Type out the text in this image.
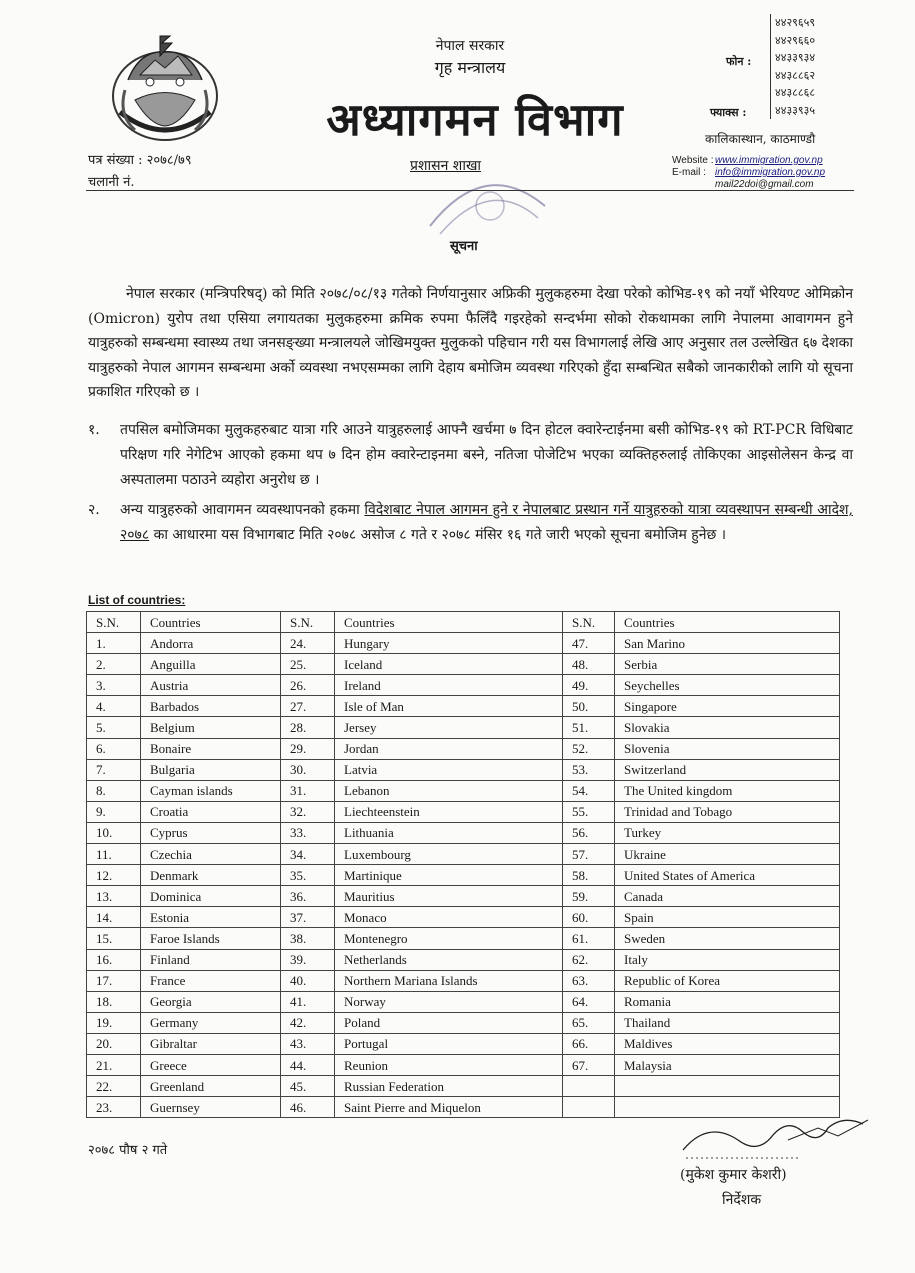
नेपाल सरकार
गृह मन्त्रालय
अध्यागमन विभाग
प्रशासन शाखा
सूचना
पत्र संख्या : २०७८/७९
चलानी नं.
फोन :
४४२९६५९
४४२९६६०
४४३३९३४
४४३८८६२
४४३८८६८
४४३३९३५
फ्याक्स :
कालिकास्थान, काठमाण्डौ
Website : www.immigration.gov.np
E-mail : info@immigration.gov.np
mail22doi@gmail.com
नेपाल सरकार (मन्त्रिपरिषद्) को मिति २०७८/०८/१३ गतेको निर्णयानुसार अफ्रिकी मुलुकहरुमा देखा परेको कोभिड-१९ को नयाँ भेरियण्ट ओमिक्रोन (Omicron) युरोप तथा एसिया लगायतका मुलुकहरुमा क्रमिक रुपमा फैलिँदै गइरहेको सन्दर्भमा सोको रोकथामका लागि नेपालमा आवागमन हुने यात्रुहरुको सम्बन्धमा स्वास्थ्य तथा जनसङ्ख्या मन्त्रालयले जोखिमयुक्त मुलुकको पहिचान गरी यस विभागलाई लेखि आए अनुसार तल उल्लेखित ६७ देशका यात्रुहरुको नेपाल आगमन सम्बन्धमा अर्को व्यवस्था नभएसम्मका लागि देहाय बमोजिम व्यवस्था गरिएको हुँदा सम्बन्धित सबैको जानकारीको लागि यो सूचना प्रकाशित गरिएको छ ।
१.	तपसिल बमोजिमका मुलुकहरुबाट यात्रा गरि आउने यात्रुहरुलाई आफ्नै खर्चमा ७ दिन होटल क्वारेन्टाईनमा बसी कोभिड-१९ को RT-PCR विधिबाट परिक्षण गरि नेगेटिभ आएको हकमा थप ७ दिन होम क्वारेन्टाइनमा बस्ने, नतिजा पोजेटिभ भएका व्यक्तिहरुलाई तोकिएका आइसोलेसन केन्द्र वा अस्पतालमा पठाउने व्यहोरा अनुरोध छ ।
२.	अन्य यात्रुहरुको आवागमन व्यवस्थापनको हकमा विदेशबाट नेपाल आगमन हुने र नेपालबाट प्रस्थान गर्ने यात्रुहरुको यात्रा व्यवस्थापन सम्बन्धी आदेश, २०७८ का आधारमा यस विभागबाट मिति २०७८ असोज ८ गते र २०७८ मंसिर १६ गते जारी भएको सूचना बमोजिम हुनेछ ।
List of countries:
S.N.	Countries	S.N.	Countries	S.N.	Countries
1.	Andorra	24.	Hungary	47.	San Marino
2.	Anguilla	25.	Iceland	48.	Serbia
3.	Austria	26.	Ireland	49.	Seychelles
4.	Barbados	27.	Isle of Man	50.	Singapore
5.	Belgium	28.	Jersey	51.	Slovakia
6.	Bonaire	29.	Jordan	52.	Slovenia
7.	Bulgaria	30.	Latvia	53.	Switzerland
8.	Cayman islands	31.	Lebanon	54.	The United kingdom
9.	Croatia	32.	Liechteenstein	55.	Trinidad and Tobago
10.	Cyprus	33.	Lithuania	56.	Turkey
11.	Czechia	34.	Luxembourg	57.	Ukraine
12.	Denmark	35.	Martinique	58.	United States of America
13.	Dominica	36.	Mauritius	59.	Canada
14.	Estonia	37.	Monaco	60.	Spain
15.	Faroe Islands	38.	Montenegro	61.	Sweden
16.	Finland	39.	Netherlands	62.	Italy
17.	France	40.	Northern Mariana Islands	63.	Republic of Korea
18.	Georgia	41.	Norway	64.	Romania
19.	Germany	42.	Poland	65.	Thailand
20.	Gibraltar	43.	Portugal	66.	Maldives
21.	Greece	44.	Reunion	67.	Malaysia
22.	Greenland	45.	Russian Federation		
23.	Guernsey	46.	Saint Pierre and Miquelon		
२०७८ पौष २ गते
(मुकेश कुमार केशरी)
निर्देशक
